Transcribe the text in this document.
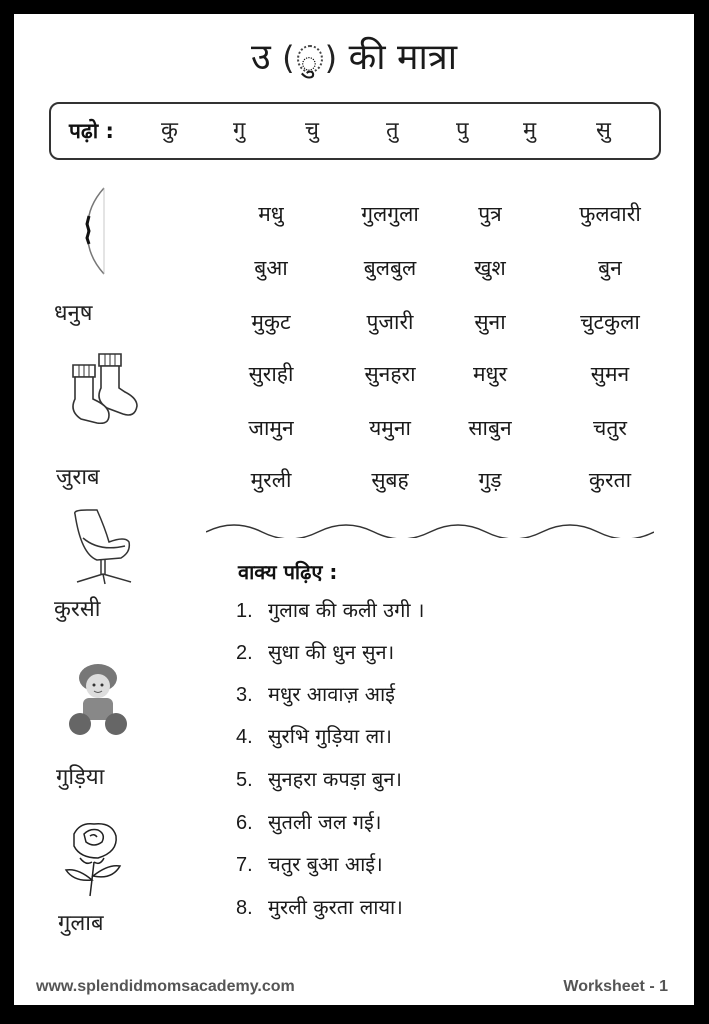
उ ( ु ) की मात्रा
पढ़ो : कु	गु	चु	तु	पु मु	सु
धनुष
जुराब
कुरसी
गुड़िया
गुलाब
मधु	गुलगुला	पुत्र	फुलवारी
बुआ	बुलबुल	खुश	बुन
मुकुट	पुजारी	सुना	चुटकुला
सुराही	सुनहरा	मधुर	सुमन
जामुन	यमुना	साबुन	चतुर
मुरली	सुबह	गुड़	कुरता
वाक्य पढ़िए :
1. गुलाब की कली उगी ।
2. सुधा की धुन सुन।
3. मधुर आवाज़ आई
4. सुरभि गुड़िया ला।
5. सुनहरा कपड़ा बुन।
6. सुतली जल गई।
7. चतुर बुआ आई।
8. मुरली कुरता लाया।
www.splendidmomsacademy.com	Worksheet - 1
